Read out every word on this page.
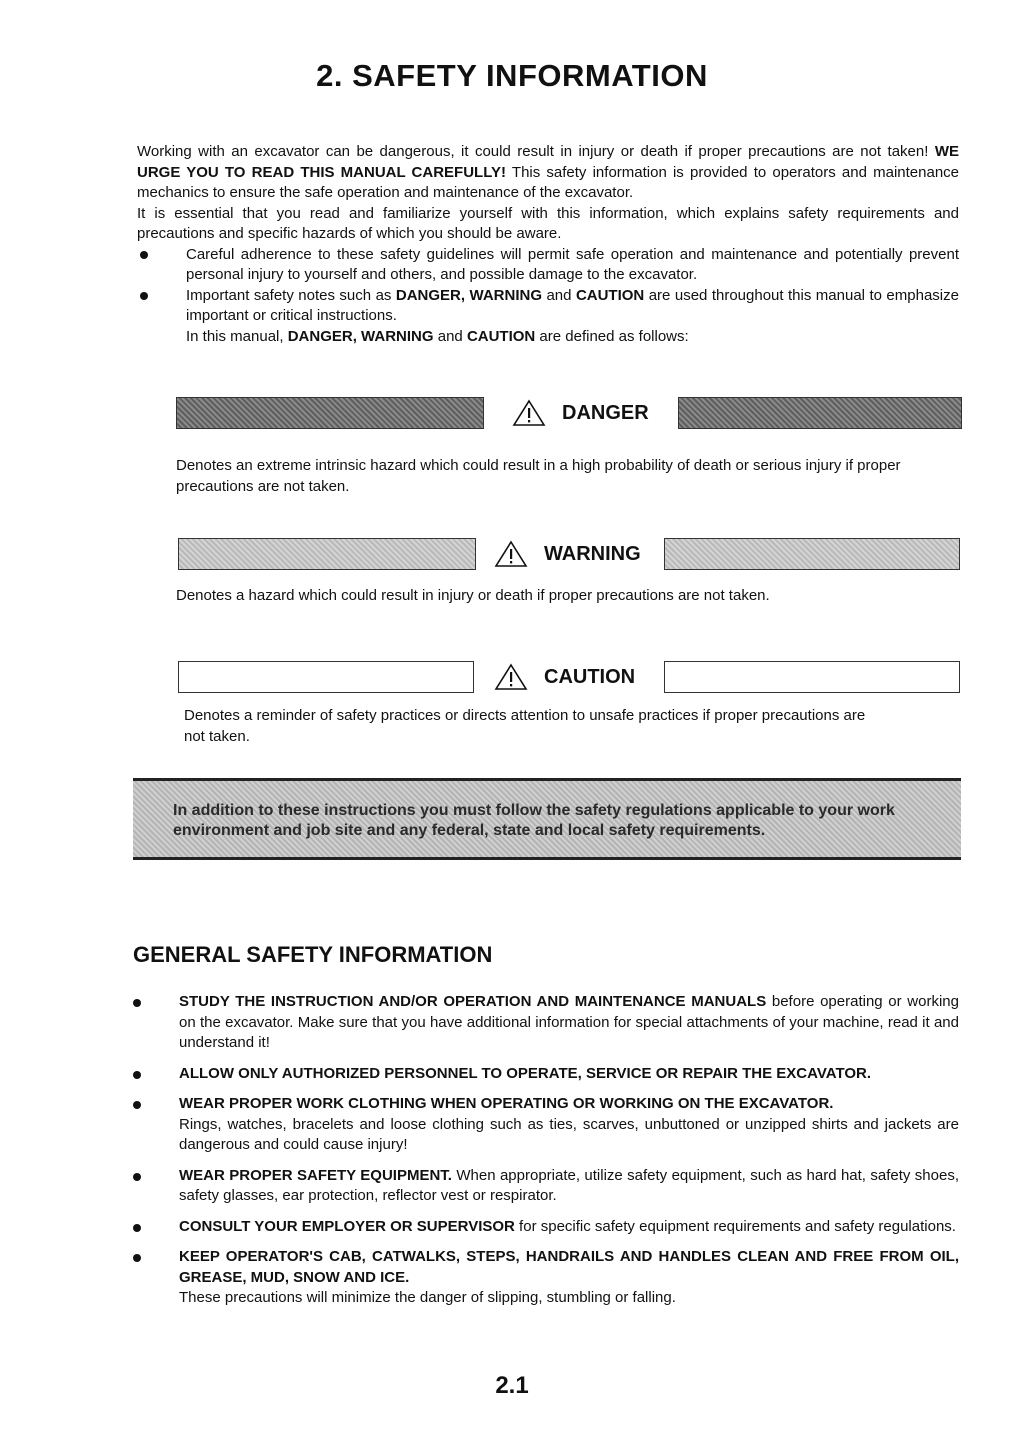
2. SAFETY INFORMATION

Working with an excavator can be dangerous, it could result in injury or death if proper precautions are not taken! WE URGE YOU TO READ THIS MANUAL CAREFULLY! This safety information is provided to operators and maintenance mechanics to ensure the safe operation and maintenance of the excavator.

It is essential that you read and familiarize yourself with this information, which explains safety requirements and precautions and specific hazards of which you should be aware.

Careful adherence to these safety guidelines will permit safe operation and maintenance and potentially prevent personal injury to yourself and others, and possible damage to the excavator.
Important safety notes such as DANGER, WARNING and CAUTION are used throughout this manual to emphasize important or critical instructions.
In this manual, DANGER, WARNING and CAUTION are defined as follows:
DANGER
Denotes an extreme intrinsic hazard which could result in a high probability of death or serious injury if proper precautions are not taken.
WARNING
Denotes a hazard which could result in injury or death if proper precautions are not taken.
CAUTION
Denotes a reminder of safety practices or directs attention to unsafe practices if proper precautions are not taken.

In addition to these instructions you must follow the safety regulations applicable to your work environment and job site and any federal, state and local safety requirements.

GENERAL SAFETY INFORMATION
STUDY THE INSTRUCTION AND/OR OPERATION AND MAINTENANCE MANUALS before operating or working on the excavator. Make sure that you have additional information for special attachments of your machine, read it and understand it!
ALLOW ONLY AUTHORIZED PERSONNEL TO OPERATE, SERVICE OR REPAIR THE EXCAVATOR.
WEAR PROPER WORK CLOTHING WHEN OPERATING OR WORKING ON THE EXCAVATOR.
Rings, watches, bracelets and loose clothing such as ties, scarves, unbuttoned or unzipped shirts and jackets are dangerous and could cause injury!
WEAR PROPER SAFETY EQUIPMENT. When appropriate, utilize safety equipment, such as hard hat, safety shoes, safety glasses, ear protection, reflector vest or respirator.
CONSULT YOUR EMPLOYER OR SUPERVISOR for specific safety equipment requirements and safety regulations.
KEEP OPERATOR'S CAB, CATWALKS, STEPS, HANDRAILS AND HANDLES CLEAN AND FREE FROM OIL, GREASE, MUD, SNOW AND ICE.
These precautions will minimize the danger of slipping, stumbling or falling.
2.1
